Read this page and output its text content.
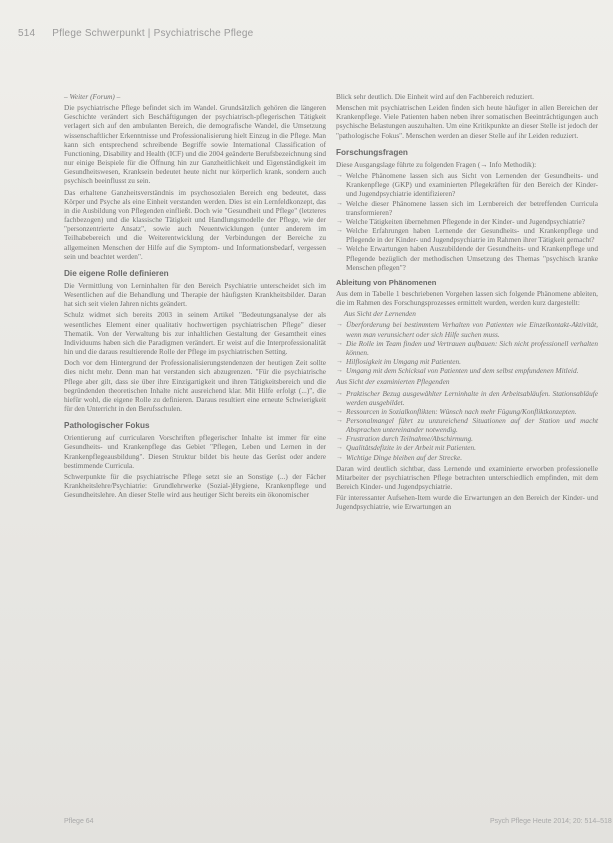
514 Pflege Schwerpunkt | Psychiatrische Pflege

– Weiter (Forum) –

Die psychiatrische Pflege befindet sich im Wandel. Grundsätzlich gehören die längeren Geschichte verändert sich Beschäftigungen der psychiatrisch-pflegerischen Tätigkeit verlagert sich auf den ambulanten Bereich, die demografische Wandel, die Umsetzung wissenschaftlicher Erkenntnisse und Professionalisierung hielt Einzug in die Pflege. Man kann sich entsprechend schreibende Begriffe sowie International Classification of Functioning, Disability and Health (ICF) und die 2004 geänderte Berufsbezeichnung sind nur einige Beispiele für die Öffnung hin zur Ganzheitlichkeit und Eigenständigkeit im Gesundheitswesen, Kranksein bedeutet heute nicht nur körperlich krank, sondern auch psychisch beeinflusst zu sein.

Das erhaltene Ganzheitsverständnis im psychosozialen Bereich eng bedeutet, dass Körper und Psyche als eine Einheit verstanden werden. Dies ist ein Lernfeldkonzept, das in die Ausbildung von Pflegenden einfließt. Doch wie "Gesundheit und Pflege" (letzteres fachbezogen) und die klassische Tätigkeit und Handlungsmodelle der Pflege, wie der "personzentrierte Ansatz", sowie auch Neuentwicklungen (unter anderem im Teilhabebereich und die Weiterentwicklung der Verbindungen der Bereiche zu allgemeinen Menschen der Hilfe auf die Symptom- und Informationsbedarf, vergessen sein und beachtet werden".

Die eigene Rolle definieren

Die Vermittlung von Lerninhalten für den Bereich Psychiatrie unterscheidet sich im Wesentlichen auf die Behandlung und Therapie der häufigsten Krankheitsbilder. Daran hat sich seit vielen Jahren nichts geändert.

Schulz widmet sich bereits 2003 in seinem Artikel "Bedeutungsanalyse der als wesentliches Element einer qualitativ hochwertigen psychiatrischen Pflege" dieser Thematik. Von der Verwaltung bis zur inhaltlichen Gestaltung der Gesamtheit eines Individuums haben sich die Paradigmen verändert. Er weist auf die Interprofessionalität hin und die daraus resultierende Rolle der Pflege im psychiatrischen Setting.

Doch vor dem Hintergrund der Professionalisierungstendenzen der heutigen Zeit sollte dies nicht mehr. Denn man hat verstanden sich abzugrenzen. "Für die psychiatrische Pflege aber gilt, dass sie über ihre Einzigartigkeit und ihren Tätigkeitsbereich und die begründenden theoretischen Inhalte nicht ausreichend klar. Mit Hilfe erfolgt (...)", die hiefür wohl, die eigene Rolle zu definieren. Daraus resultiert eine erneute Schwierigkeit für den Unterricht in den Berufsschulen.

Pathologischer Fokus

Orientierung auf curricularen Vorschriften pflegerischer Inhalte ist immer für eine Gesundheits- und Krankenpflege das Gebiet "Pflegen, Leben und Lernen in der Krankenpflegeausbildung". Diesen Struktur bildet bis heute das Gerüst oder andere bestimmende Curricula.

Schwerpunkte für die psychiatrische Pflege setzt sie an Sonstige (...) der Fächer Krankheitslehre/Psychiatrie: Grundlehrwerke (Sozial-)Hygiene, Krankenpflege und Gesundheitslehre. An dieser Stelle wird aus heutiger Sicht bereits ein ökonomischer

Blick sehr deutlich. Die Einheit wird auf den Fachbereich reduziert.

Menschen mit psychiatrischen Leiden finden sich heute häufiger in allen Bereichen der Krankenpflege. Viele Patienten haben neben ihrer somatischen Beeinträchtigungen auch psychische Belastungen auszuhalten. Um eine Kritikpunkte an dieser Stelle ist jedoch der "pathologische Fokus". Menschen werden an dieser Stelle auf ihr Leiden reduziert.

Forschungsfragen

Diese Ausgangslage führte zu folgenden Fragen (→ Info Methodik):

→ Welche Phänomene lassen sich aus Sicht von Lernenden der Gesundheits- und Krankenpflege (GKP) und examinierten Pflegekräften für den Bereich der Kinder- und Jugendpsychiatrie identifizieren?
→ Welche dieser Phänomene lassen sich im Lernbereich der betreffenden Curricula transformieren?
→ Welche Tätigkeiten übernehmen Pflegende in der Kinder- und Jugendpsychiatrie?
→ Welche Erfahrungen haben Lernende der Gesundheits- und Krankenpflege und Pflegende in der Kinder- und Jugendpsychiatrie im Rahmen ihrer Tätigkeit gemacht?
→ Welche Erwartungen haben Auszubildende der Gesundheits- und Krankenpflege und Pflegende bezüglich der methodischen Umsetzung des Themas "psychisch kranke Menschen pflegen"?
Ableitung von Phänomenen

Aus dem in Tabelle 1 beschriebenen Vorgehen lassen sich folgende Phänomene ableiten, die im Rahmen des Forschungsprozesses ermittelt wurden, werden kurz dargestellt:

Aus Sicht der Lernenden

→ Überforderung bei bestimmtem Verhalten von Patienten wie Einzelkontakt-Aktivität, wenn man verunsichert oder sich Hilfe suchen muss.
→ Die Rolle im Team finden und Vertrauen aufbauen: Sich nicht professionell verhalten können.
→ Hilflosigkeit im Umgang mit Patienten.
→ Umgang mit dem Schicksal von Patienten und dem selbst empfundenen Mitleid.

Aus Sicht der examinierten Pflegenden

→ Praktischer Bezug ausgewählter Lerninhalte in den Arbeitsabläufen. Stationsabläufe werden ausgebildet.
→ Ressourcen in Sozialkonflikten: Wünsch nach mehr Fügung/Konfliktkonzepten.
→ Personalmangel führt zu unzureichend Situationen auf der Station und macht Absprachen untereinander notwendig.
→ Frustration durch Teilnahme/Abschirmung.
→ Qualitätsdefizite in der Arbeit mit Patienten.
→ Wichtige Dinge bleiben auf der Strecke.

Daran wird deutlich sichtbar, dass Lernende und examinierte erworben professionelle Mitarbeiter der psychiatrischen Pflege betrachten unterschiedlich empfinden, mit dem Bereich Kinder- und Jugendpsychiatrie.

Für interessanter Aufsehen-Item wurde die Erwartungen an den Bereich der Kinder- und Jugendpsychiatrie, wie Erwartungen an

Pflege 64	Psych Pflege Heute 2014; 20: 514–518
